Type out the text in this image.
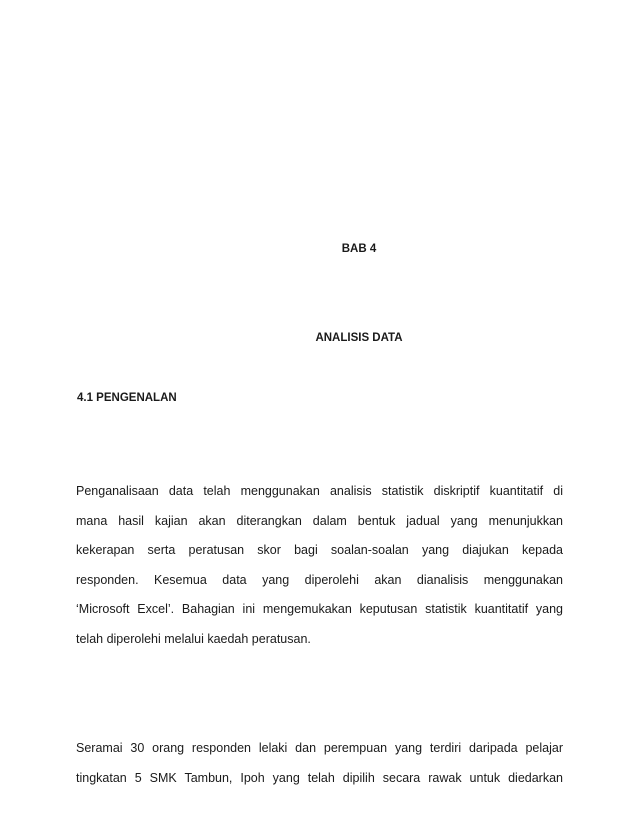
BAB 4

ANALISIS DATA

4.1 PENGENALAN

Penganalisaan data telah menggunakan analisis statistik diskriptif kuantitatif di
mana hasil kajian akan diterangkan dalam bentuk jadual yang menunjukkan
kekerapan serta peratusan skor bagi soalan-soalan yang diajukan kepada
responden. Kesemua data yang diperolehi akan dianalisis menggunakan
‘Microsoft Excel’. Bahagian ini mengemukakan keputusan statistik kuantitatif yang
telah diperolehi melalui kaedah peratusan.
Seramai 30 orang responden lelaki dan perempuan yang terdiri daripada pelajar
tingkatan 5 SMK Tambun, Ipoh yang telah dipilih secara rawak untuk diedarkan
